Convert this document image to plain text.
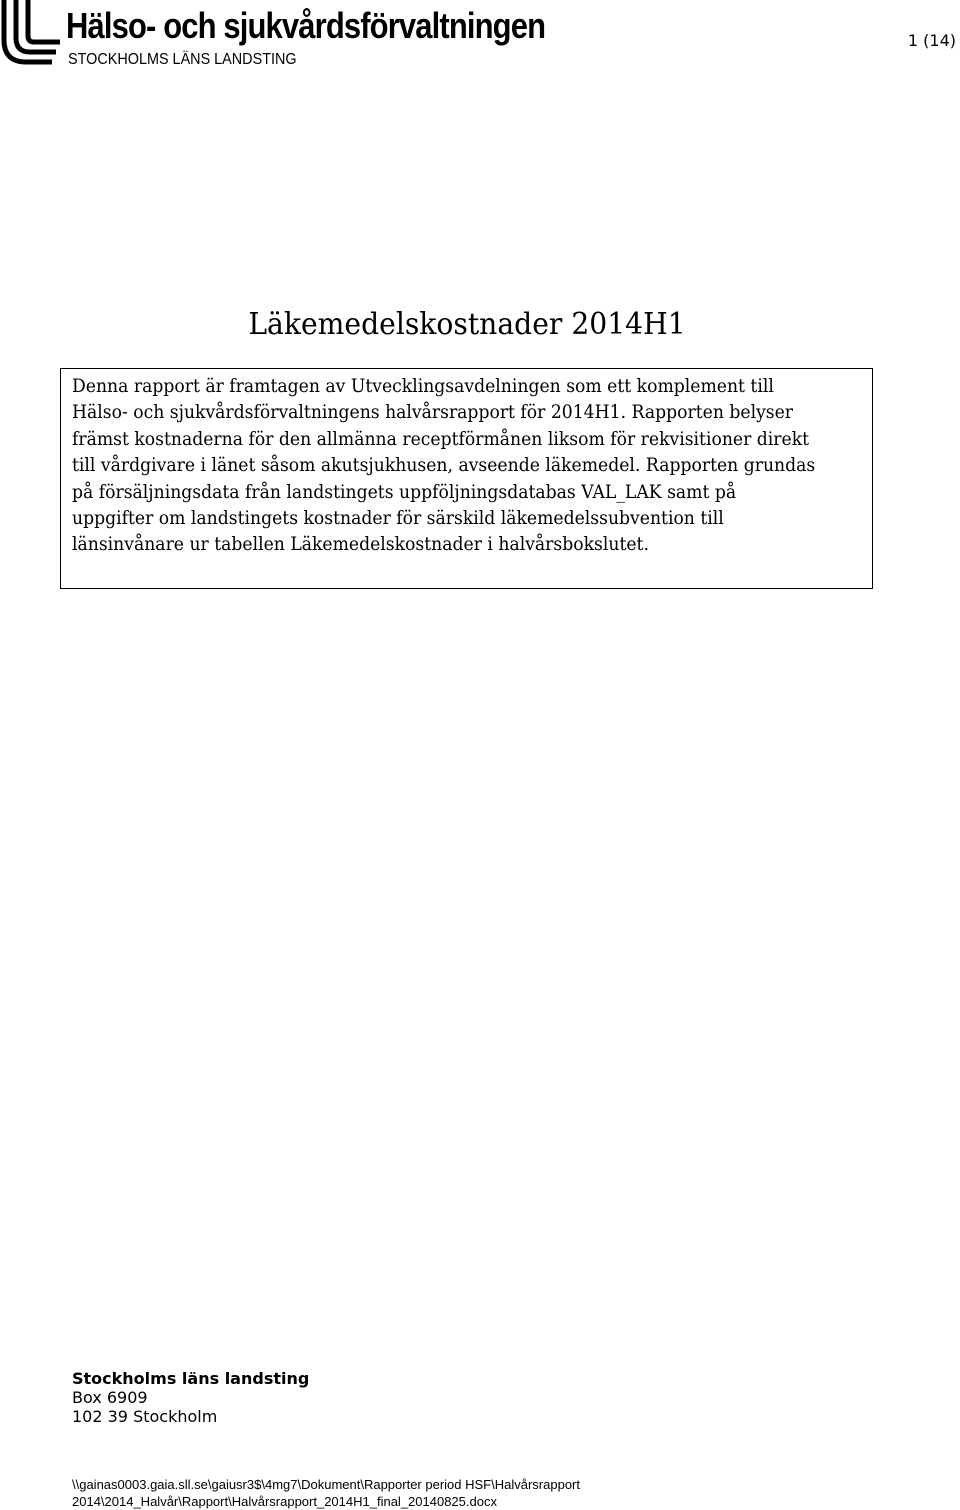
Hälso- och sjukvårdsförvaltningen
STOCKHOLMS LÄNS LANDSTING
1 (14)
Läkemedelskostnader 2014H1

Denna rapport är framtagen av Utvecklingsavdelningen som ett komplement till
Hälso- och sjukvårdsförvaltningens halvårsrapport för 2014H1. Rapporten belyser
främst kostnaderna för den allmänna receptförmånen liksom för rekvisitioner direkt
till vårdgivare i länet såsom akutsjukhusen, avseende läkemedel. Rapporten grundas
på försäljningsdata från landstingets uppföljningsdatabas VAL_LAK samt på
uppgifter om landstingets kostnader för särskild läkemedelssubvention till
länsinvånare ur tabellen Läkemedelskostnader i halvårsbokslutet.

Stockholms läns landsting
Box 6909
102 39 Stockholm
\\gainas0003.gaia.sll.se\gaiusr3$\4mg7\Dokument\Rapporter period HSF\Halvårsrapport
2014\2014_Halvår\Rapport\Halvårsrapport_2014H1_final_20140825.docx
